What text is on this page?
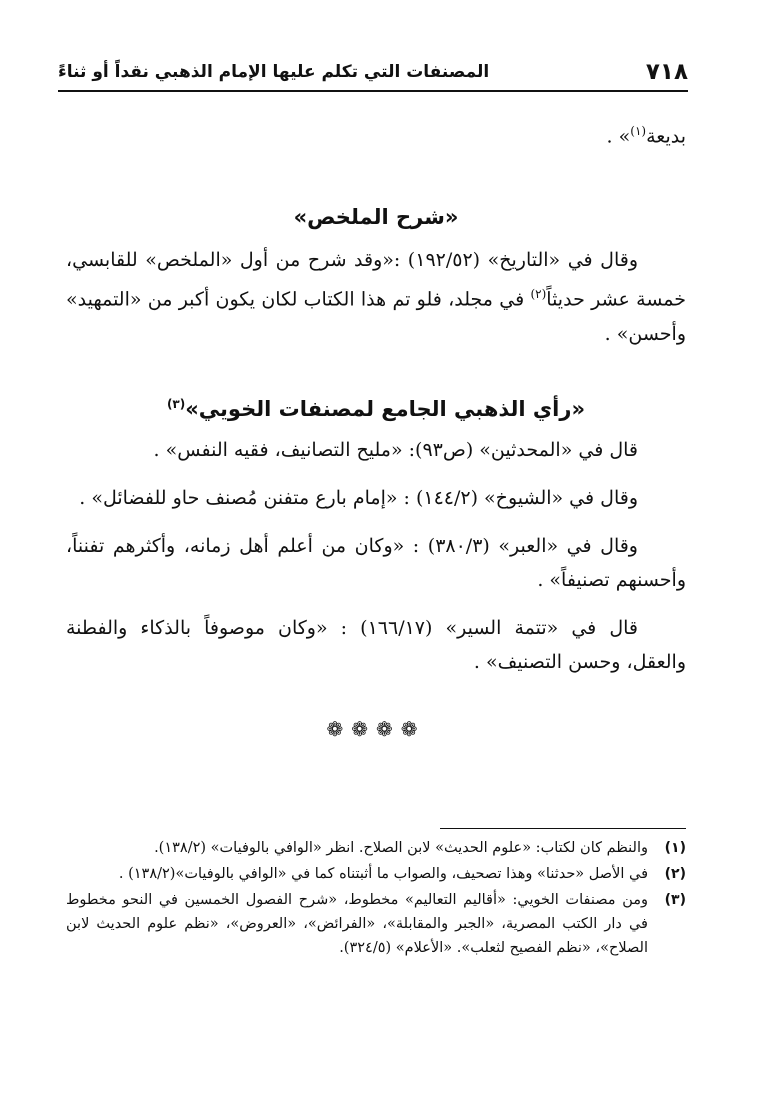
٧١٨
المصنفات التي تكلم عليها الإمام الذهبي نقداً أو ثناءً

بديعة$^{(١)}$» .

«شرح الملخص»

وقال في «التاريخ» (١٩٢/٥٢) :«وقد شرح من أول «الملخص» للقابسي، خمسة عشر حديثاً$^{(٢)}$ في مجلد، فلو تم هذا الكتاب لكان يكون أكبر من «التمهيد» وأحسن» .

«رأي الذهبي الجامع لمصنفات الخويي»$^{(٣)}$

قال في «المحدثين» (ص٩٣): «مليح التصانيف، فقيه النفس» .

وقال في «الشيوخ» (١٤٤/٢) : «إمام بارع متفنن مُصنف حاو للفضائل» .

وقال في «العبر» (٣٨٠/٣) : «وكان من أعلم أهل زمانه، وأكثرهم تفنناً، وأحسنهم تصنيفاً» .

قال في «تتمة السير» (١٦٦/١٧) : «وكان موصوفاً بالذكاء والفطنة والعقل، وحسن التصنيف» .

❁❁❁❁

(١)
والنظم كان لكتاب: «علوم الحديث» لابن الصلاح. انظر «الوافي بالوفيات» (١٣٨/٢).
(٢)
في الأصل «حدثنا» وهذا تصحيف، والصواب ما أثبتناه كما في «الوافي بالوفيات»(١٣٨/٢) .
(٣)
ومن مصنفات الخويي: «أقاليم التعاليم» مخطوط، «شرح الفصول الخمسين في النحو مخطوط في دار الكتب المصرية، «الجبر والمقابلة»، «الفرائض»، «العروض»، «نظم علوم الحديث لابن الصلاح»، «نظم الفصيح لثعلب». «الأعلام» (٣٢٤/٥).
